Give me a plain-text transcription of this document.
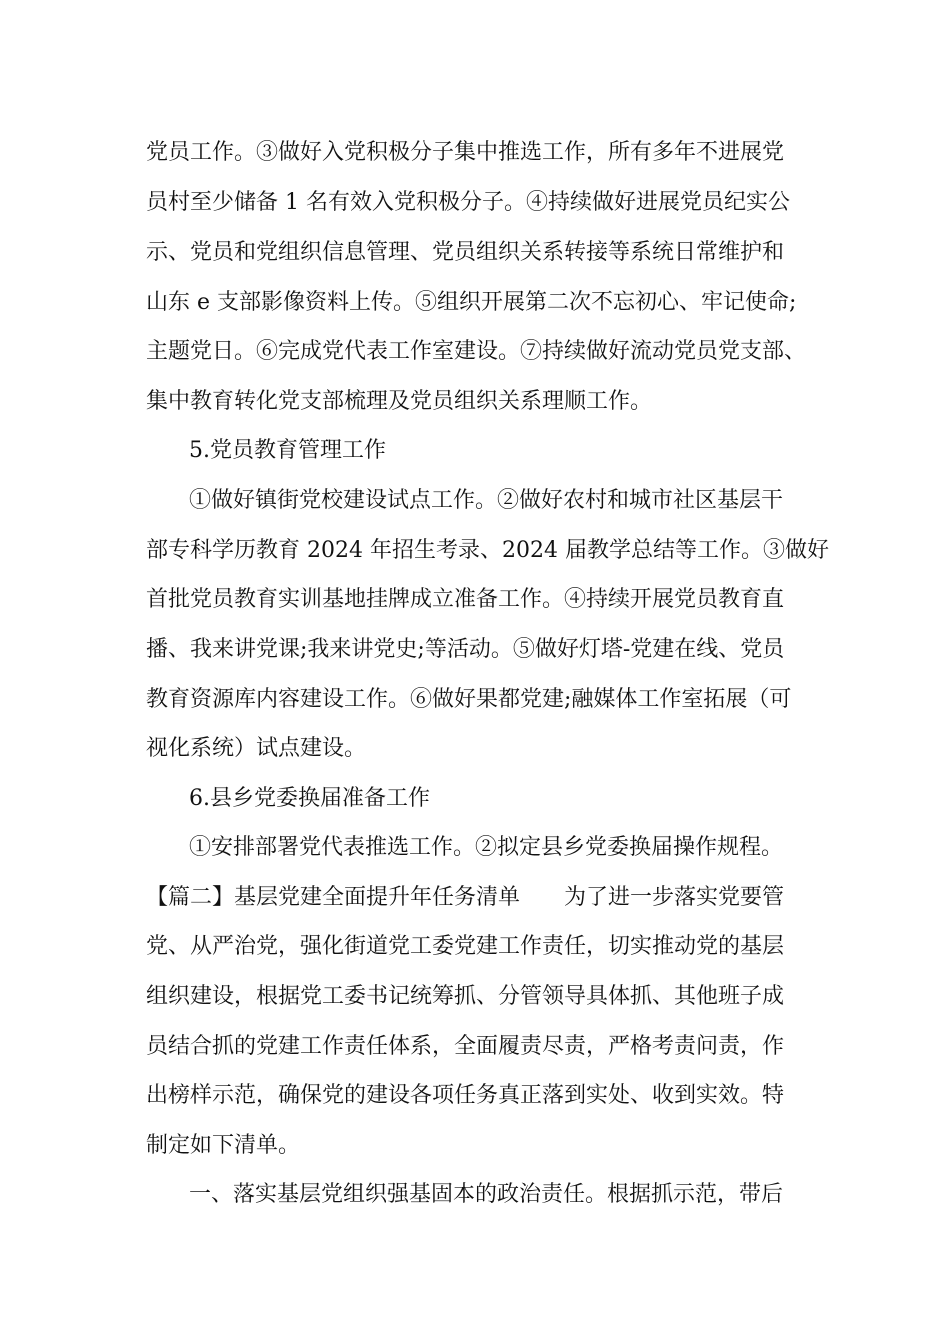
党员工作。③做好入党积极分子集中推选工作，所有多年不进展党
员村至少储备 1 名有效入党积极分子。④持续做好进展党员纪实公
示、党员和党组织信息管理、党员组织关系转接等系统日常维护和
山东 e 支部影像资料上传。⑤组织开展第二次不忘初心、牢记使命;
主题党日。⑥完成党代表工作室建设。⑦持续做好流动党员党支部、
集中教育转化党支部梳理及党员组织关系理顺工作。
5.党员教育管理工作
①做好镇街党校建设试点工作。②做好农村和城市社区基层干
部专科学历教育 2024 年招生考录、2024 届教学总结等工作。③做好
首批党员教育实训基地挂牌成立准备工作。④持续开展党员教育直
播、我来讲党课;我来讲党史;等活动。⑤做好灯塔-党建在线、党员
教育资源库内容建设工作。⑥做好果都党建;融媒体工作室拓展（可
视化系统）试点建设。
6.县乡党委换届准备工作
①安排部署党代表推选工作。②拟定县乡党委换届操作规程。
【篇二】基层党建全面提升年任务清单　　为了进一步落实党要管
党、从严治党，强化街道党工委党建工作责任，切实推动党的基层
组织建设，根据党工委书记统筹抓、分管领导具体抓、其他班子成
员结合抓的党建工作责任体系，全面履责尽责，严格考责问责，作
出榜样示范，确保党的建设各项任务真正落到实处、收到实效。特
制定如下清单。
一、落实基层党组织强基固本的政治责任。根据抓示范，带后
